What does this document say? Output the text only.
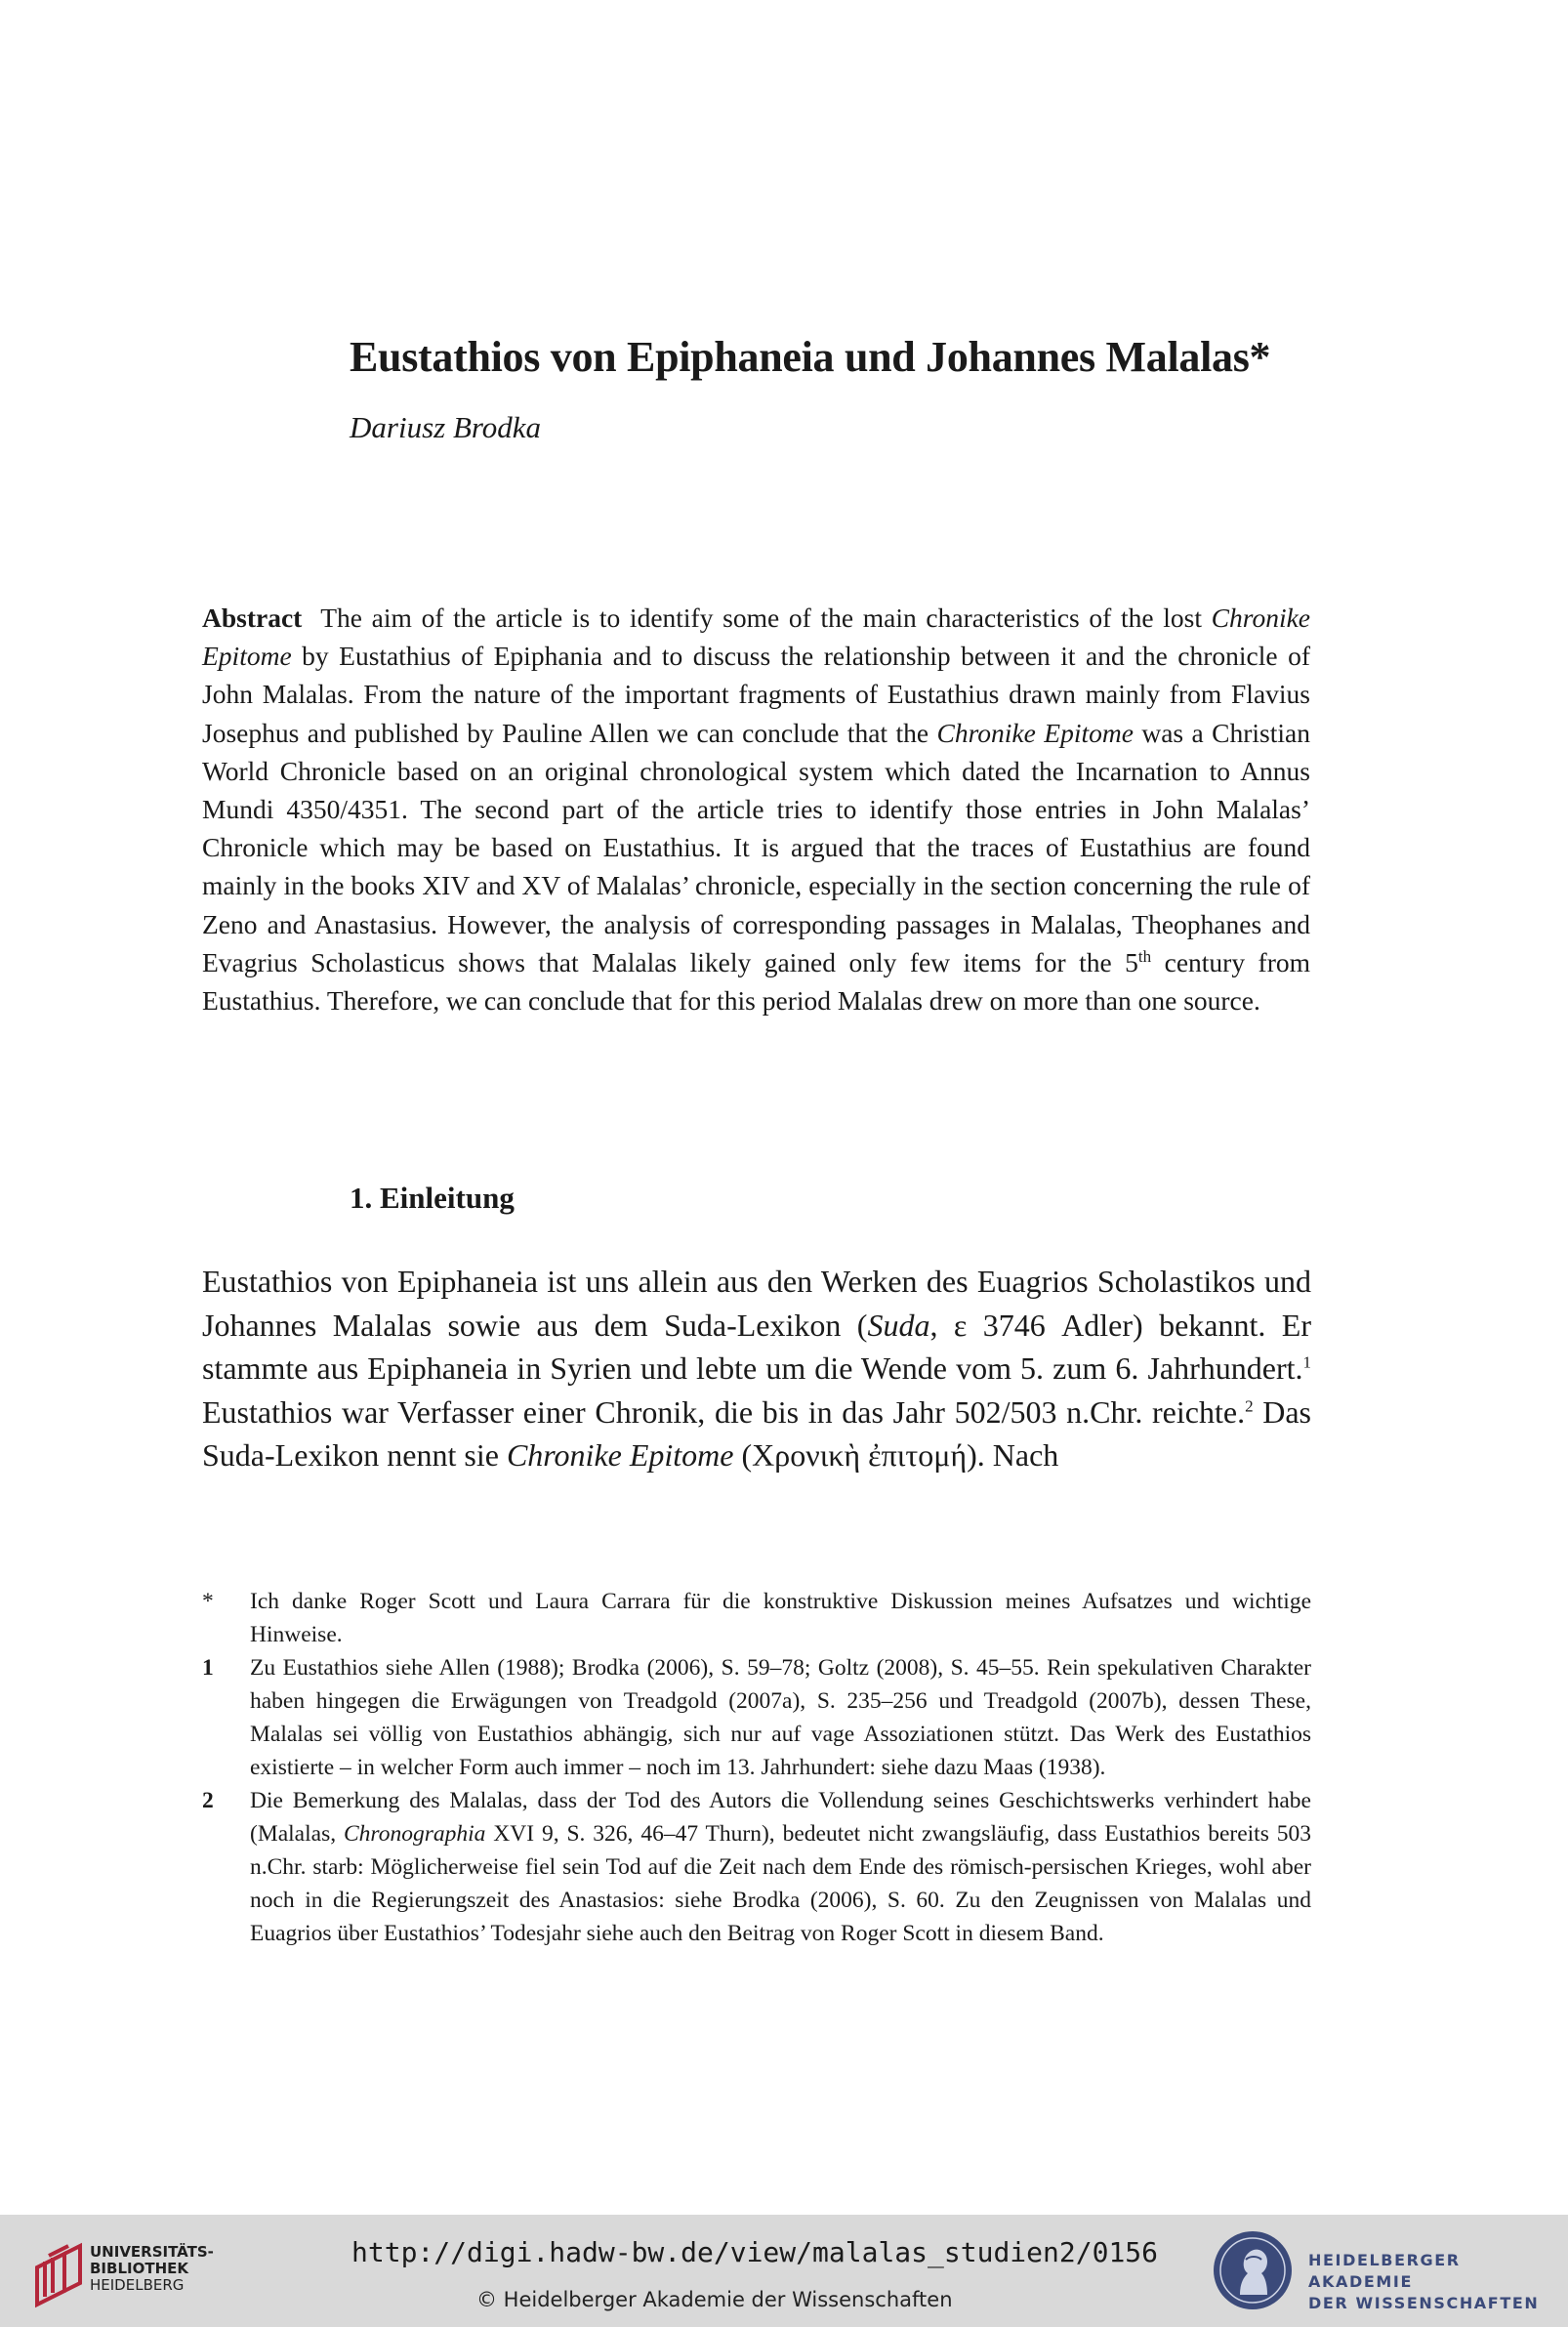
Eustathios von Epiphaneia und Johannes Malalas*
Dariusz Brodka

Abstract The aim of the article is to identify some of the main characteristics of the lost Chronike Epitome by Eustathius of Epiphania and to discuss the relationship between it and the chronicle of John Malalas. From the nature of the important fragments of Eustathius drawn mainly from Flavius Josephus and published by Pauline Allen we can conclude that the Chronike Epitome was a Christian World Chronicle based on an original chronological system which dated the Incarnation to Annus Mundi 4350/4351. The second part of the article tries to identify those entries in John Malalas’ Chronicle which may be based on Eustathius. It is argued that the traces of Eustathius are found mainly in the books XIV and XV of Malalas’ chronicle, especially in the section concerning the rule of Zeno and Anastasius. However, the analysis of corresponding passages in Malalas, Theophanes and Evagrius Scholasticus shows that Malalas likely gained only few items for the 5th century from Eustathius. Therefore, we can conclude that for this period Malalas drew on more than one source.

1. Einleitung

Eustathios von Epiphaneia ist uns allein aus den Werken des Euagrios Scholastikos und Johannes Malalas sowie aus dem Suda-Lexikon (Suda, ε 3746 Adler) bekannt. Er stammte aus Epiphaneia in Syrien und lebte um die Wende vom 5. zum 6. Jahrhundert.$^1$ Eustathios war Verfasser einer Chronik, die bis in das Jahr 502/503 n.Chr. reichte.$^2$ Das Suda-Lexikon nennt sie Chronike Epitome (Χρονικὴ ἐπιτομή). Nach

* Ich danke Roger Scott und Laura Carrara für die konstruktive Diskussion meines Aufsatzes und wichtige Hinweise.
1 Zu Eustathios siehe Allen (1988); Brodka (2006), S. 59–78; Goltz (2008), S. 45–55. Rein spekulativen Charakter haben hingegen die Erwägungen von Treadgold (2007a), S. 235–256 und Treadgold (2007b), dessen These, Malalas sei völlig von Eustathios abhängig, sich nur auf vage Assoziationen stützt. Das Werk des Eustathios existierte – in welcher Form auch immer – noch im 13. Jahrhundert: siehe dazu Maas (1938).
2 Die Bemerkung des Malalas, dass der Tod des Autors die Vollendung seines Geschichtswerks verhindert habe (Malalas, Chronographia XVI 9, S. 326, 46–47 Thurn), bedeutet nicht zwangsläufig, dass Eustathios bereits 503 n.Chr. starb: Möglicherweise fiel sein Tod auf die Zeit nach dem Ende des römisch-persischen Krieges, wohl aber noch in die Regierungszeit des Anastasios: siehe Brodka (2006), S. 60. Zu den Zeugnissen von Malalas und Euagrios über Eustathios’ Todesjahr siehe auch den Beitrag von Roger Scott in diesem Band.
UNIVERSITÄTS-
BIBLIOTHEK
HEIDELBERG
http://digi.hadw-bw.de/view/malalas_studien2/0156
© Heidelberger Akademie der Wissenschaften
HEIDELBERGER AKADEMIE
DER WISSENSCHAFTEN
